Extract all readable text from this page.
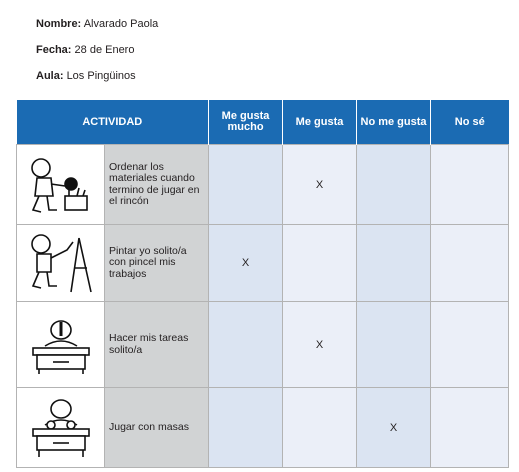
Nombre: Alvarado Paola
Fecha: 28 de Enero
Aula: Los Pingüinos
ACTIVIDAD		Me gusta mucho	Me gusta	No me gusta	No sé

	Ordenar los materiales cuando termino de jugar en el rincón		X		

	Pintar yo solito/a con pincel mis trabajos	X			

	Hacer mis tareas solito/a		X		

	Jugar con masas			X	
